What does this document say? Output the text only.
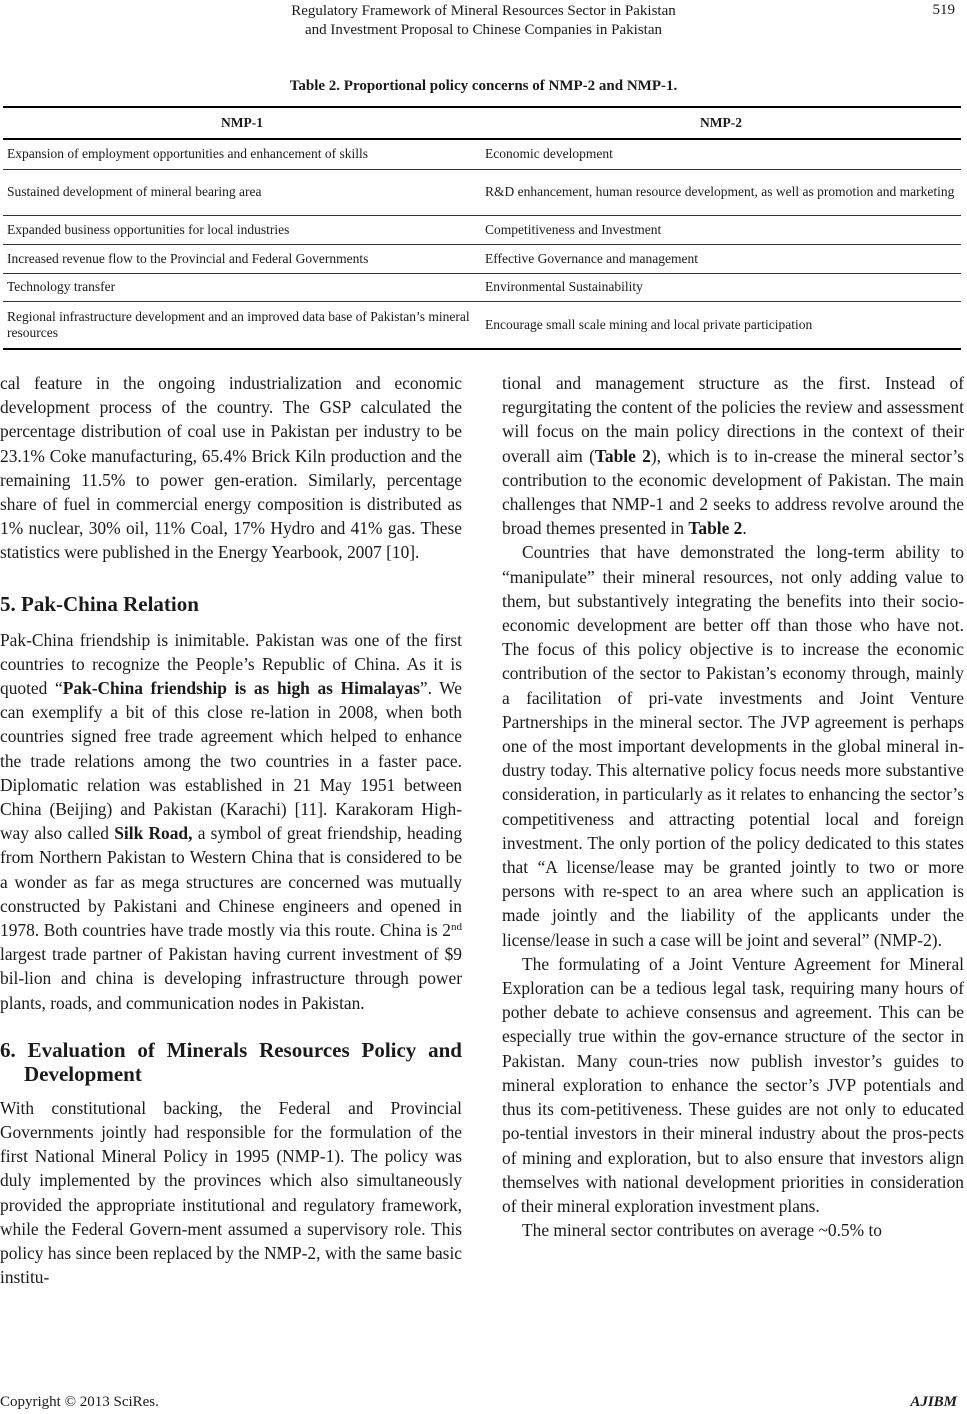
Regulatory Framework of Mineral Resources Sector in Pakistan
and Investment Proposal to Chinese Companies in Pakistan
519
Table 2. Proportional policy concerns of NMP-2 and NMP-1.
NMP-1	NMP-2
Expansion of employment opportunities and enhancement of skills	Economic development
Sustained development of mineral bearing area	R&D enhancement, human resource development, as well as promotion and marketing
Expanded business opportunities for local industries	Competitiveness and Investment
Increased revenue flow to the Provincial and Federal Governments	Effective Governance and management
Technology transfer	Environmental Sustainability
Regional infrastructure development and an improved data base of Pakistan’s mineral resources	Encourage small scale mining and local private participation

cal feature in the ongoing industrialization and economic development process of the country. The GSP calculated the percentage distribution of coal use in Pakistan per industry to be 23.1% Coke manufacturing, 65.4% Brick Kiln production and the remaining 11.5% to power gen-eration. Similarly, percentage share of fuel in commercial energy composition is distributed as 1% nuclear, 30% oil, 11% Coal, 17% Hydro and 41% gas. These statistics were published in the Energy Yearbook, 2007 [10].

5. Pak-China Relation

Pak-China friendship is inimitable. Pakistan was one of the first countries to recognize the People’s Republic of China. As it is quoted “Pak-China friendship is as high as Himalayas”. We can exemplify a bit of this close re-lation in 2008, when both countries signed free trade agreement which helped to enhance the trade relations among the two countries in a faster pace. Diplomatic relation was established in 21 May 1951 between China (Beijing) and Pakistan (Karachi) [11]. Karakoram High-way also called Silk Road, a symbol of great friendship, heading from Northern Pakistan to Western China that is considered to be a wonder as far as mega structures are concerned was mutually constructed by Pakistani and Chinese engineers and opened in 1978. Both countries have trade mostly via this route. China is 2nd largest trade partner of Pakistan having current investment of $9 bil-lion and china is developing infrastructure through power plants, roads, and communication nodes in Pakistan.

6. Evaluation of Minerals Resources Policy and Development

With constitutional backing, the Federal and Provincial Governments jointly had responsible for the formulation of the first National Mineral Policy in 1995 (NMP-1). The policy was duly implemented by the provinces which also simultaneously provided the appropriate institutional and regulatory framework, while the Federal Govern-ment assumed a supervisory role. This policy has since been replaced by the NMP-2, with the same basic institu-

tional and management structure as the first. Instead of regurgitating the content of the policies the review and assessment will focus on the main policy directions in the context of their overall aim (Table 2), which is to in-crease the mineral sector’s contribution to the economic development of Pakistan. The main challenges that NMP-1 and 2 seeks to address revolve around the broad themes presented in Table 2.

Countries that have demonstrated the long-term ability to “manipulate” their mineral resources, not only adding value to them, but substantively integrating the benefits into their socio-economic development are better off than those who have not. The focus of this policy objective is to increase the economic contribution of the sector to Pakistan’s economy through, mainly a facilitation of pri-vate investments and Joint Venture Partnerships in the mineral sector. The JVP agreement is perhaps one of the most important developments in the global mineral in-dustry today. This alternative policy focus needs more substantive consideration, in particularly as it relates to enhancing the sector’s competitiveness and attracting potential local and foreign investment. The only portion of the policy dedicated to this states that “A license/lease may be granted jointly to two or more persons with re-spect to an area where such an application is made jointly and the liability of the applicants under the license/lease in such a case will be joint and several” (NMP-2).

The formulating of a Joint Venture Agreement for Mineral Exploration can be a tedious legal task, requiring many hours of pother debate to achieve consensus and agreement. This can be especially true within the gov-ernance structure of the sector in Pakistan. Many coun-tries now publish investor’s guides to mineral exploration to enhance the sector’s JVP potentials and thus its com-petitiveness. These guides are not only to educated po-tential investors in their mineral industry about the pros-pects of mining and exploration, but to also ensure that investors align themselves with national development priorities in consideration of their mineral exploration investment plans.

The mineral sector contributes on average ~0.5% to

Copyright © 2013 SciRes.	AJIBM
